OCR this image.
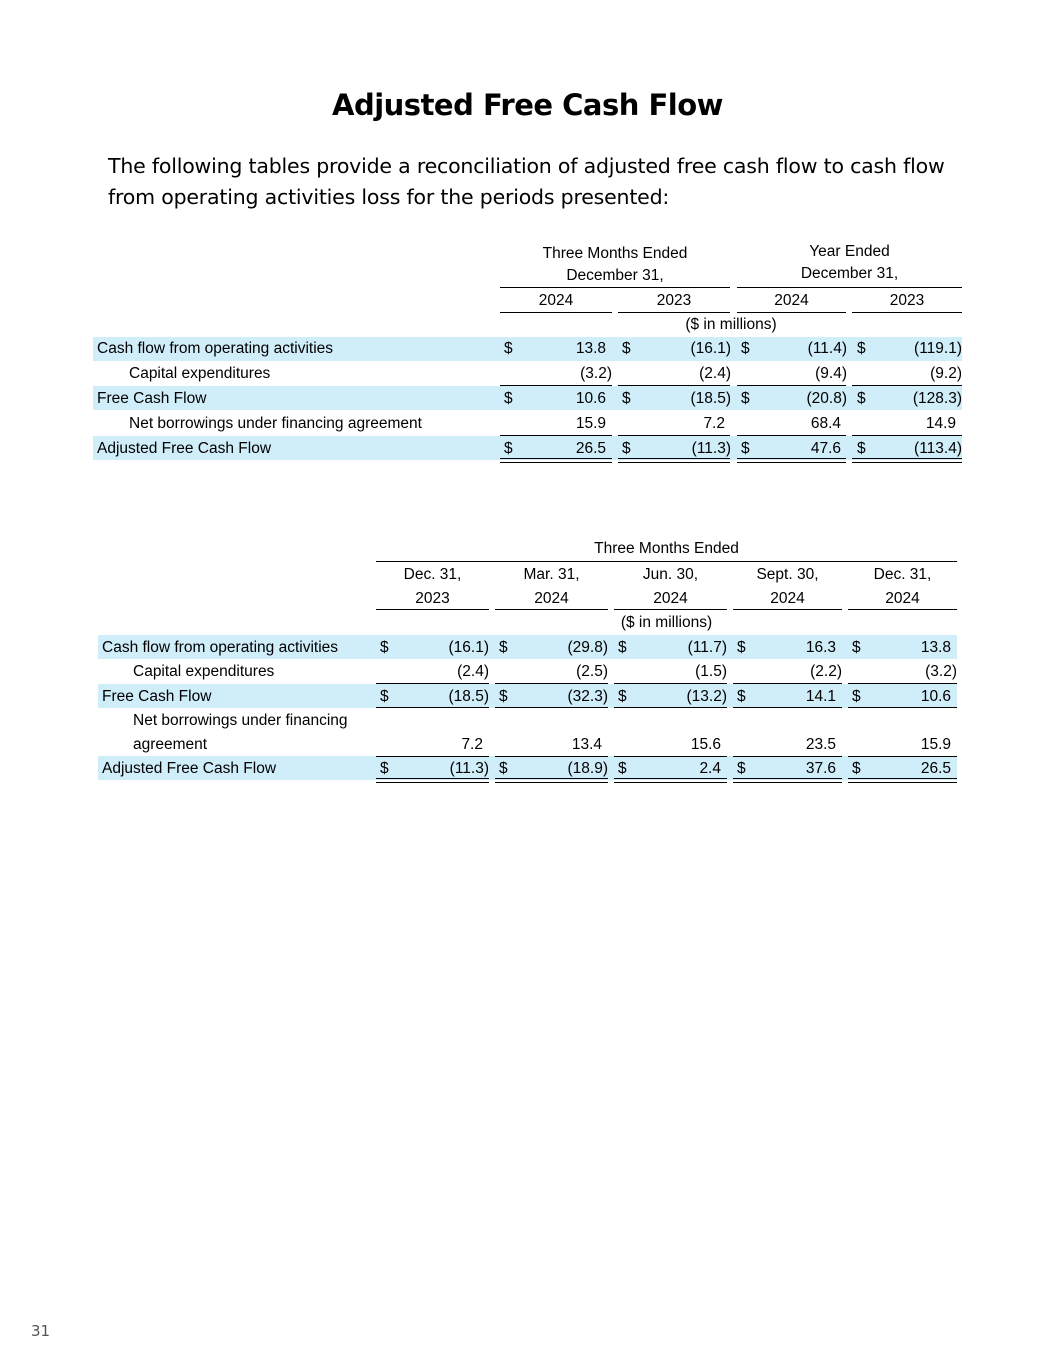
Adjusted Free Cash Flow
The following tables provide a reconciliation of adjusted free cash flow to cash flow from operating activities loss for the periods presented:
Three Months Ended December 31,
Year Ended December 31,
2024	2023	2024	2023
($ in millions)
Cash flow from operating activities	$	13.8 $	(16.1) $	(11.4) $	(119.1)
Capital expenditures	(3.2)	(2.4)	(9.4)	(9.2)
Free Cash Flow	$	10.6 $	(18.5) $	(20.8) $	(128.3)
Net borrowings under financing agreement	15.9	7.2	68.4	14.9
Adjusted Free Cash Flow	$	26.5 $	(11.3) $	47.6 $	(113.4)
Three Months Ended
Dec. 31,	Mar. 31,	Jun. 30,	Sept. 30,	Dec. 31,
2023	2024	2024	2024	2024
($ in millions)
Cash flow from operating activities	$	(16.1) $	(29.8) $	(11.7) $	16.3 $	13.8
Capital expenditures	(2.4)	(2.5)	(1.5)	(2.2)	(3.2)
Free Cash Flow	$	(18.5) $	(32.3) $	(13.2) $	14.1 $	10.6
Net borrowings under financing
agreement	7.2	13.4	15.6	23.5	15.9
Adjusted Free Cash Flow	$	(11.3) $	(18.9) $	2.4 $	37.6 $	26.5
31
